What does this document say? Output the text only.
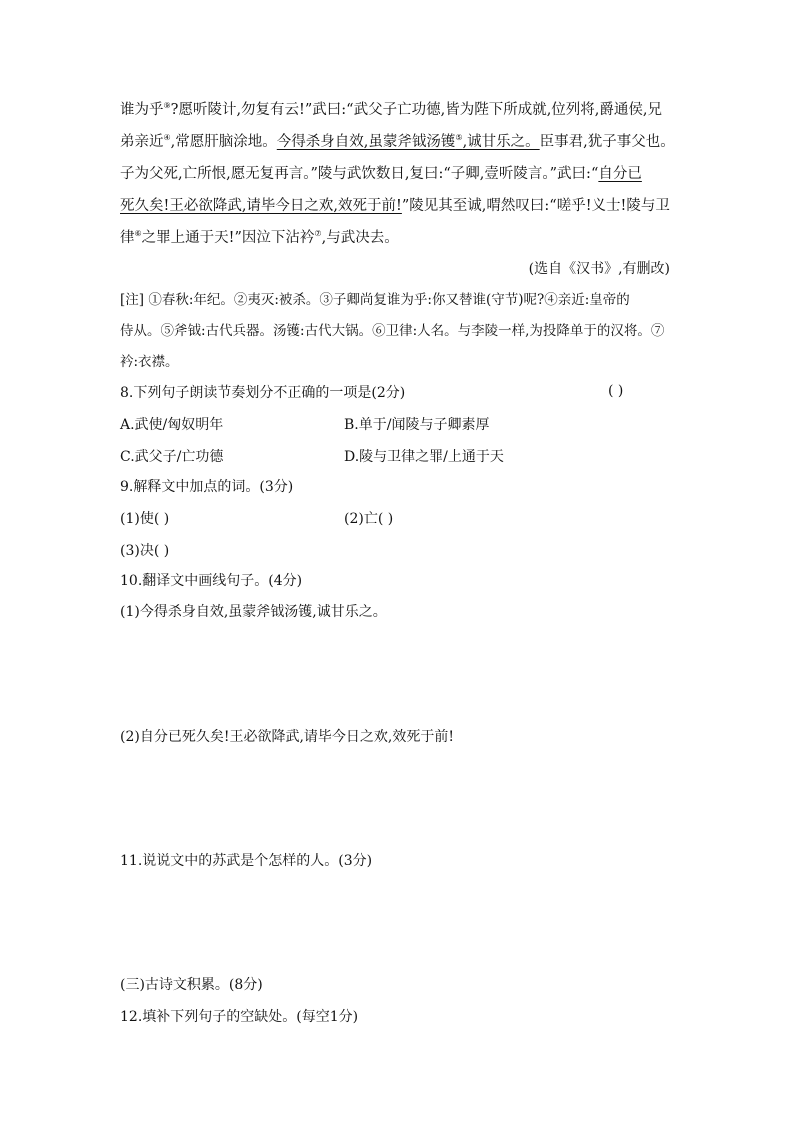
谁为乎⑨?愿听陵计,勿复有云!”武曰:“武父子亡功德,皆为陛下所成就,位列将,爵通侯,兄
弟亲近④,常愿肝脑涂地。今得杀身自效,虽蒙斧钺汤镬⑤,诚甘乐之。臣事君,犹子事父也。
子为父死,亡所恨,愿无复再言。”陵与武饮数日,复曰:“子卿,壹听陵言。”武曰:“自分已
死久矣!王必欲降武,请毕今日之欢,效死于前!”陵见其至诚,喟然叹曰:“嗟乎!义士!陵与卫
律⑥之罪上通于天!”因泣下沾衿⑦,与武决去。
(选自《汉书》,有删改)
[注] ①春秋:年纪。②夷灭:被杀。③子卿尚复谁为乎:你又替谁(守节)呢?④亲近:皇帝的
侍从。⑤斧钺:古代兵器。汤镬:古代大锅。⑥卫律:人名。与李陵一样,为投降单于的汉将。⑦
衿:衣襟。
8.下列句子朗读节奏划分不正确的一项是(2分)	( )
A.武使/匈奴明年	B.单于/闻陵与子卿素厚
C.武父子/亡功德	D.陵与卫律之罪/上通于天
9.解释文中加点的词。(3分)
(1)使( )	(2)亡( )
(3)决( )
10.翻译文中画线句子。(4分)
(1)今得杀身自效,虽蒙斧钺汤镬,诚甘乐之。
(2)自分已死久矣!王必欲降武,请毕今日之欢,效死于前!
11.说说文中的苏武是个怎样的人。(3分)
(三)古诗文积累。(8分)
12.填补下列句子的空缺处。(每空1分)
